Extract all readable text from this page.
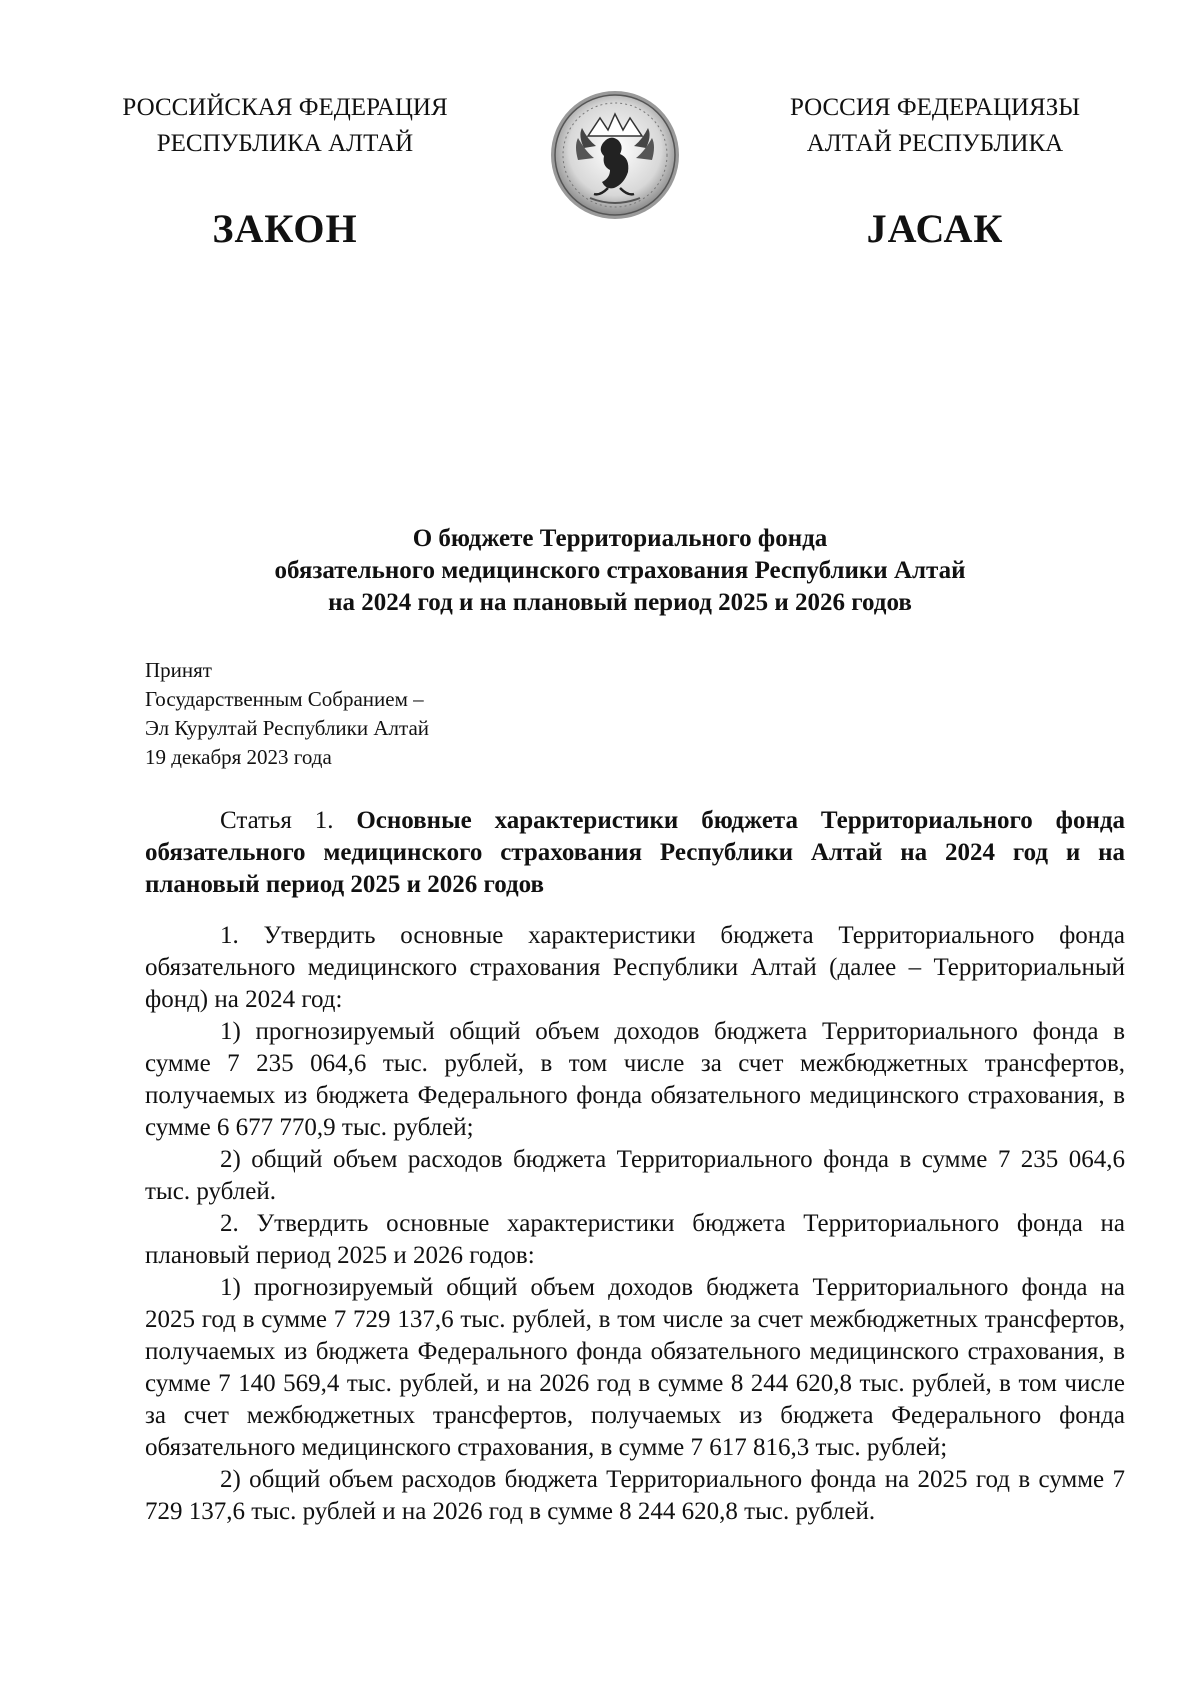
РОССИЙСКАЯ ФЕДЕРАЦИЯ
РЕСПУБЛИКА АЛТАЙ
РОССИЯ ФЕДЕРАЦИЯЗЫ
АЛТАЙ РЕСПУБЛИКА
ЗАКОН	ЈАСАК
О бюджете Территориального фонда
обязательного медицинского страхования Республики Алтай
на 2024 год и на плановый период 2025 и 2026 годов
Принят
Государственным Собранием –
Эл Курултай Республики Алтай
19 декабря 2023 года

Статья 1. Основные характеристики бюджета Территориального фонда обязательного медицинского страхования Республики Алтай на 2024 год и на плановый период 2025 и 2026 годов

1. Утвердить основные характеристики бюджета Территориального фонда обязательного медицинского страхования Республики Алтай (далее – Территориальный фонд) на 2024 год:

1) прогнозируемый общий объем доходов бюджета Территориального фонда в сумме 7 235 064,6 тыс. рублей, в том числе за счет межбюджетных трансфертов, получаемых из бюджета Федерального фонда обязательного медицинского страхования, в сумме 6 677 770,9 тыс. рублей;

2) общий объем расходов бюджета Территориального фонда в сумме 7 235 064,6 тыс. рублей.

2. Утвердить основные характеристики бюджета Территориального фонда на плановый период 2025 и 2026 годов:

1) прогнозируемый общий объем доходов бюджета Территориального фонда на 2025 год в сумме 7 729 137,6 тыс. рублей, в том числе за счет межбюджетных трансфертов, получаемых из бюджета Федерального фонда обязательного медицинского страхования, в сумме 7 140 569,4 тыс. рублей, и на 2026 год в сумме 8 244 620,8 тыс. рублей, в том числе за счет межбюджетных трансфертов, получаемых из бюджета Федерального фонда обязательного медицинского страхования, в сумме 7 617 816,3 тыс. рублей;

2) общий объем расходов бюджета Территориального фонда на 2025 год в сумме 7 729 137,6 тыс. рублей и на 2026 год в сумме 8 244 620,8 тыс. рублей.
